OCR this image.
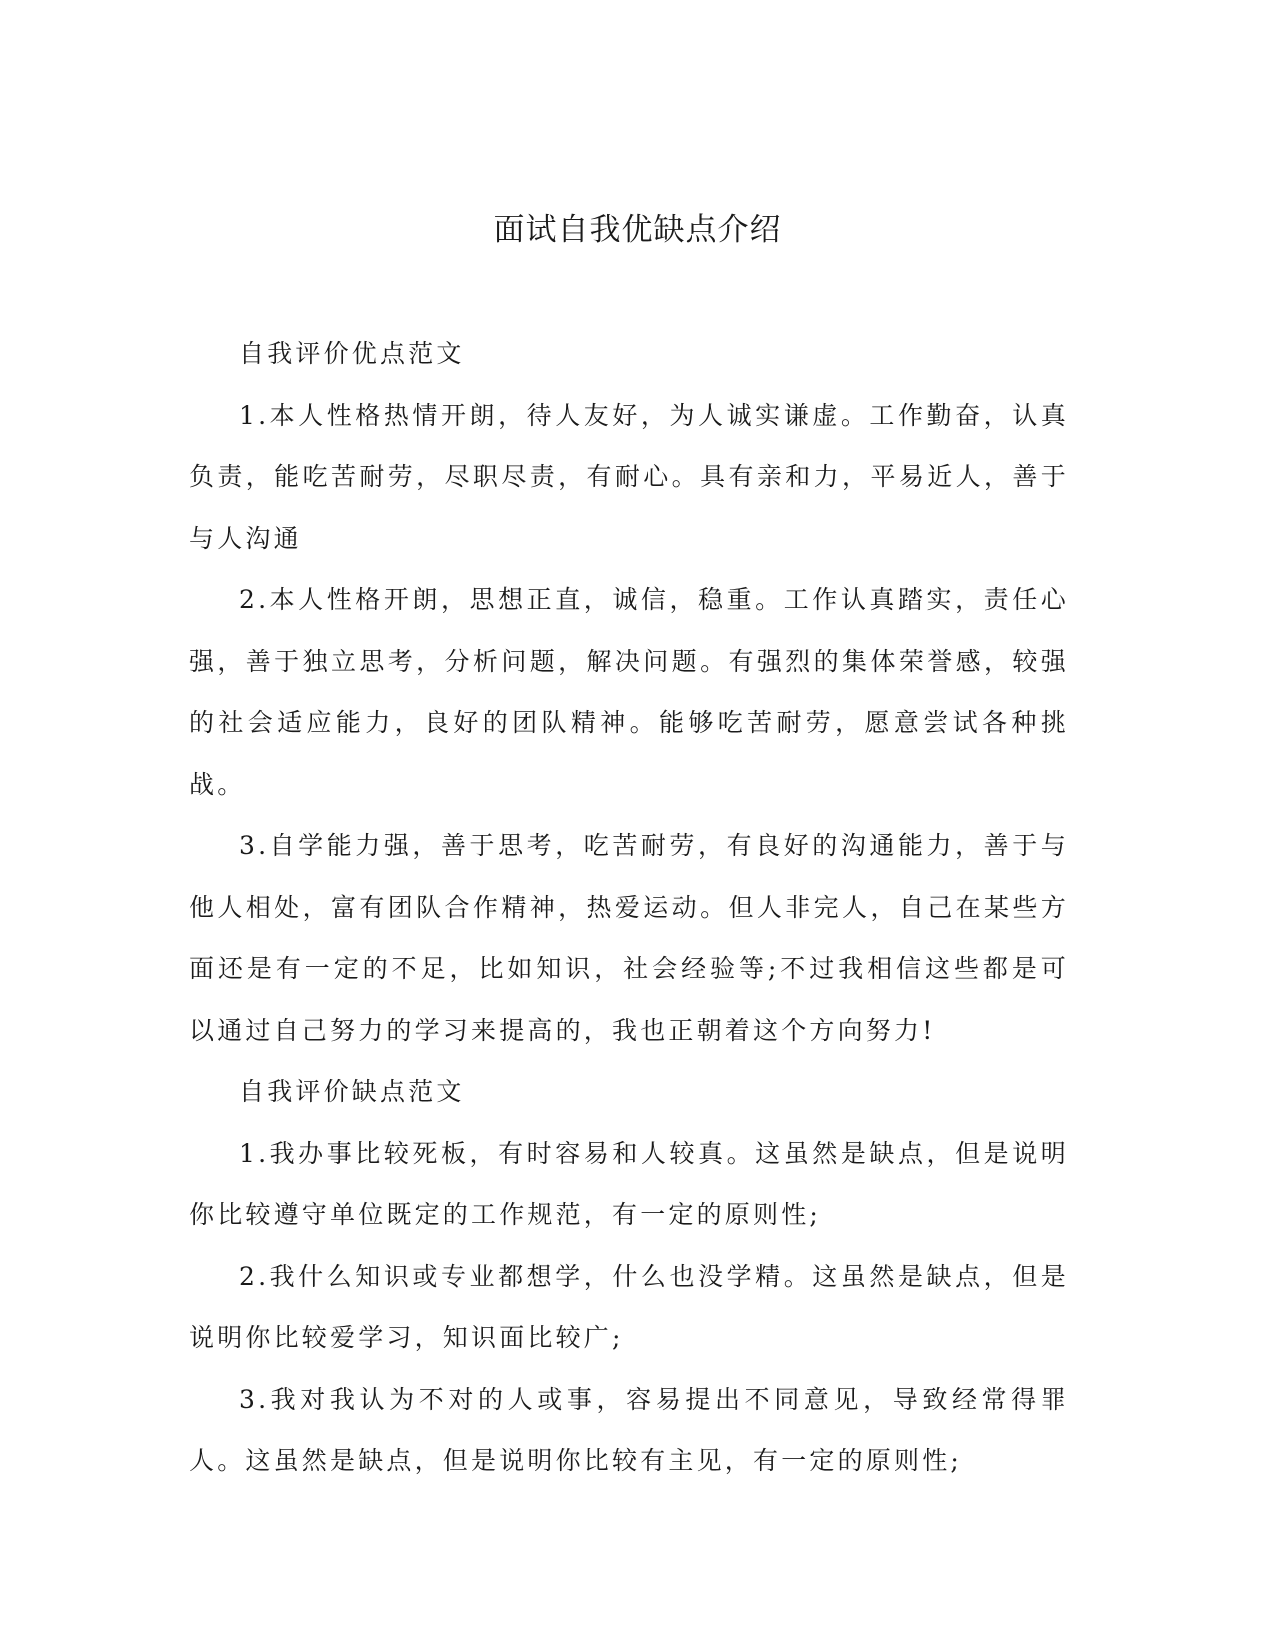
面试自我优缺点介绍

自我评价优点范文

1.本人性格热情开朗，待人友好，为人诚实谦虚。工作勤奋，认真负责，能吃苦耐劳，尽职尽责，有耐心。具有亲和力，平易近人，善于与人沟通

2.本人性格开朗，思想正直，诚信，稳重。工作认真踏实，责任心强，善于独立思考，分析问题，解决问题。有强烈的集体荣誉感，较强的社会适应能力，良好的团队精神。能够吃苦耐劳，愿意尝试各种挑战。

3.自学能力强，善于思考，吃苦耐劳，有良好的沟通能力，善于与他人相处，富有团队合作精神，热爱运动。但人非完人，自己在某些方面还是有一定的不足，比如知识，社会经验等;不过我相信这些都是可以通过自己努力的学习来提高的，我也正朝着这个方向努力!

自我评价缺点范文

1.我办事比较死板，有时容易和人较真。这虽然是缺点，但是说明你比较遵守单位既定的工作规范，有一定的原则性;

2.我什么知识或专业都想学，什么也没学精。这虽然是缺点，但是说明你比较爱学习，知识面比较广;

3.我对我认为不对的人或事，容易提出不同意见，导致经常得罪人。这虽然是缺点，但是说明你比较有主见，有一定的原则性;
